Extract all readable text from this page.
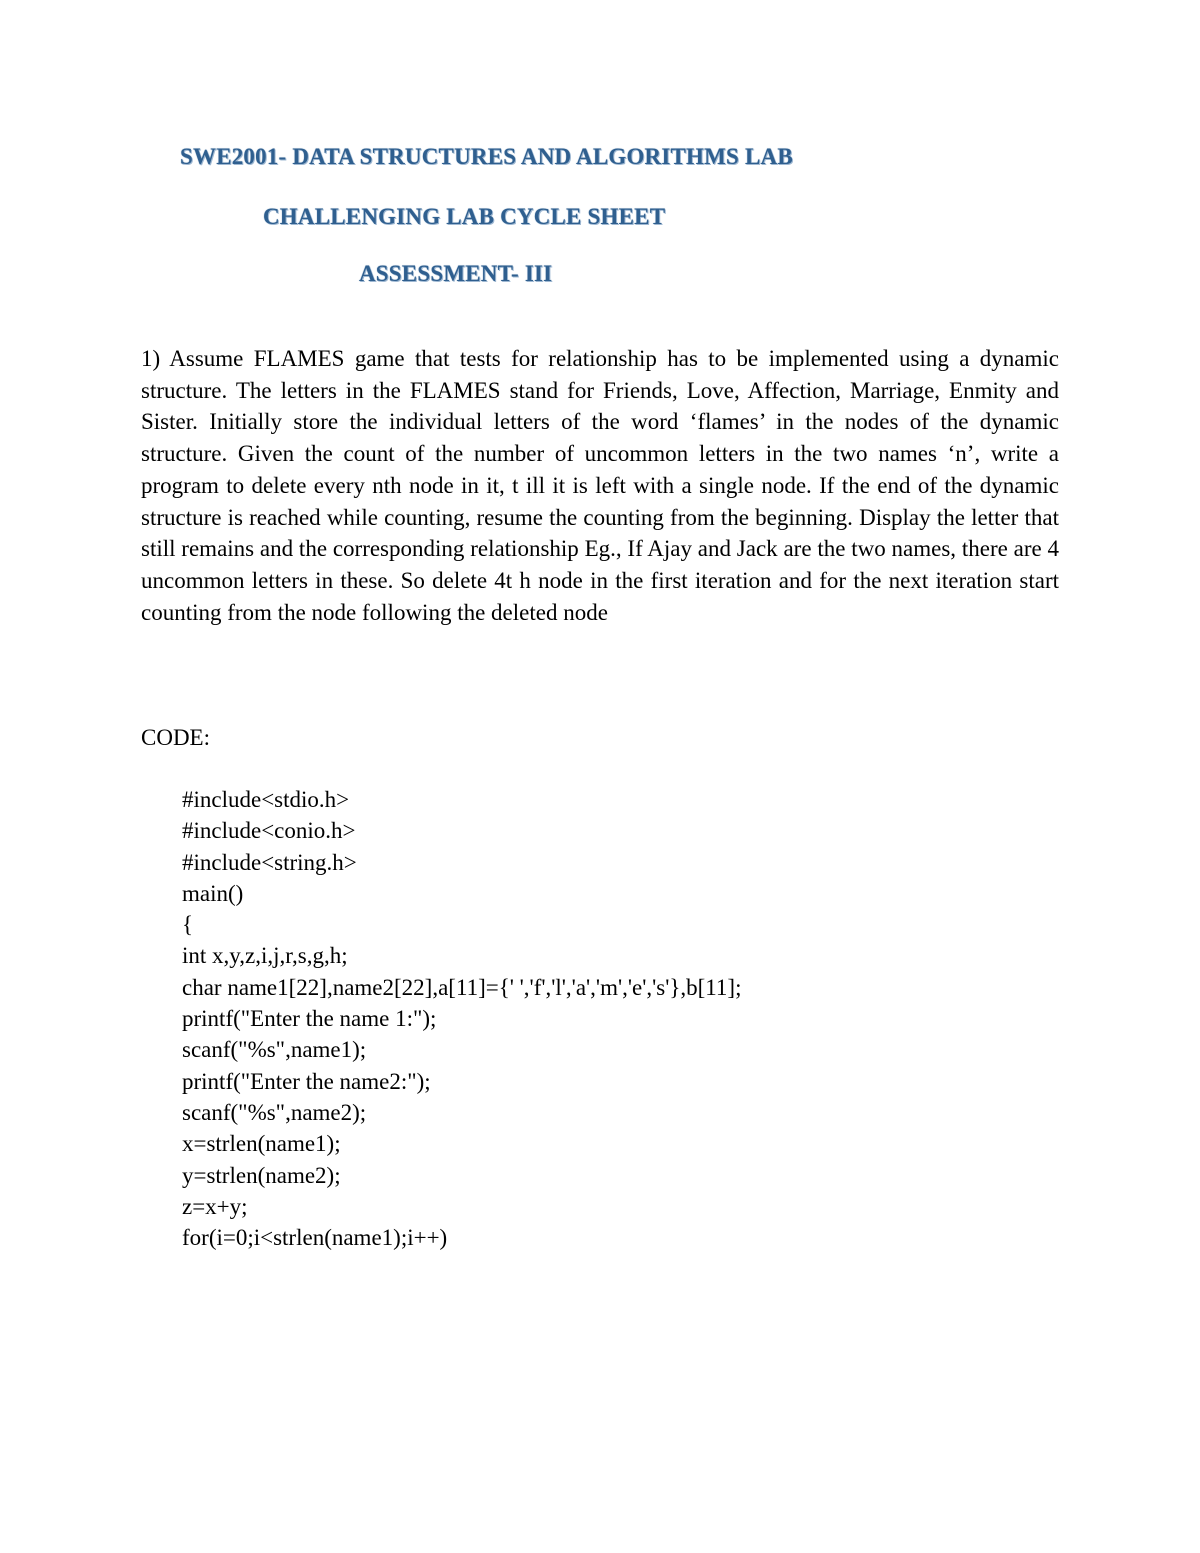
SWE2001- DATA STRUCTURES AND ALGORITHMS LAB
CHALLENGING LAB CYCLE SHEET
ASSESSMENT- III

1) Assume FLAMES game that tests for relationship has to be implemented using a dynamic structure. The letters in the FLAMES stand for Friends, Love, Affection, Marriage, Enmity and Sister. Initially store the individual letters of the word ‘flames’ in the nodes of the dynamic structure. Given the count of the number of uncommon letters in the two names ‘n’, write a program to delete every nth node in it, t ill it is left with a single node. If the end of the dynamic structure is reached while counting, resume the counting from the beginning. Display the letter that still remains and the corresponding relationship Eg., If Ajay and Jack are the two names, there are 4 uncommon letters in these. So delete 4t h node in the first iteration and for the next iteration start counting from the node following the deleted node

CODE:

#include<stdio.h>
#include<conio.h>
#include<string.h>
main()
{
int x,y,z,i,j,r,s,g,h;
char name1[22],name2[22],a[11]={' ','f','l','a','m','e','s'},b[11];
printf("Enter the name 1:");
scanf("%s",name1);
printf("Enter the name2:");
scanf("%s",name2);
x=strlen(name1);
y=strlen(name2);
z=x+y;
for(i=0;i<strlen(name1);i++)
